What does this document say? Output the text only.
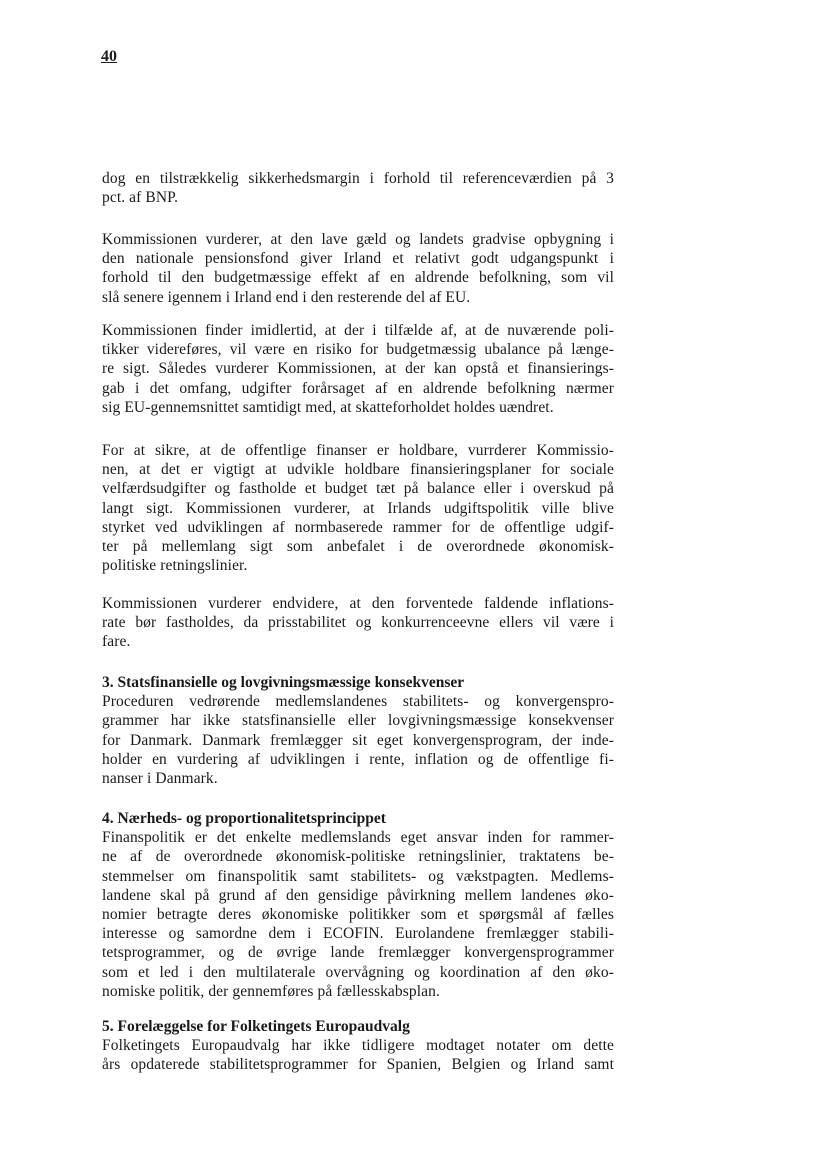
40
dog en tilstrækkelig sikkerhedsmargin i forhold til referenceværdien på 3
pct. af BNP.
Kommissionen vurderer, at den lave gæld og landets gradvise opbygning i
den nationale pensionsfond giver Irland et relativt godt udgangspunkt i
forhold til den budgetmæssige effekt af en aldrende befolkning, som vil
slå senere igennem i Irland end i den resterende del af EU.
Kommissionen finder imidlertid, at der i tilfælde af, at de nuværende poli-
tikker videreføres, vil være en risiko for budgetmæssig ubalance på længe-
re sigt. Således vurderer Kommissionen, at der kan opstå et finansierings-
gab i det omfang, udgifter forårsaget af en aldrende befolkning nærmer
sig EU-gennemsnittet samtidigt med, at skatteforholdet holdes uændret.
For at sikre, at de offentlige finanser er holdbare, vurrderer Kommissio-
nen, at det er vigtigt at udvikle holdbare finansieringsplaner for sociale
velfærdsudgifter og fastholde et budget tæt på balance eller i overskud på
langt sigt. Kommissionen vurderer, at Irlands udgiftspolitik ville blive
styrket ved udviklingen af normbaserede rammer for de offentlige udgif-
ter på mellemlang sigt som anbefalet i de overordnede økonomisk-
politiske retningslinier.
Kommissionen vurderer endvidere, at den forventede faldende inflations-
rate bør fastholdes, da prisstabilitet og konkurrenceevne ellers vil være i
fare.
3. Statsfinansielle og lovgivningsmæssige konsekvenser
Proceduren vedrørende medlemslandenes stabilitets- og konvergenspro-
grammer har ikke statsfinansielle eller lovgivningsmæssige konsekvenser
for Danmark. Danmark fremlægger sit eget konvergensprogram, der inde-
holder en vurdering af udviklingen i rente, inflation og de offentlige fi-
nanser i Danmark.
4. Nærheds- og proportionalitetsprincippet
Finanspolitik er det enkelte medlemslands eget ansvar inden for rammer-
ne af de overordnede økonomisk-politiske retningslinier, traktatens be-
stemmelser om finanspolitik samt stabilitets- og vækstpagten. Medlems-
landene skal på grund af den gensidige påvirkning mellem landenes øko-
nomier betragte deres økonomiske politikker som et spørgsmål af fælles
interesse og samordne dem i ECOFIN. Eurolandene fremlægger stabili-
tetsprogrammer, og de øvrige lande fremlægger konvergensprogrammer
som et led i den multilaterale overvågning og koordination af den øko-
nomiske politik, der gennemføres på fællesskabsplan.
5. Forelæggelse for Folketingets Europaudvalg
Folketingets Europaudvalg har ikke tidligere modtaget notater om dette
års opdaterede stabilitetsprogrammer for Spanien, Belgien og Irland samt
